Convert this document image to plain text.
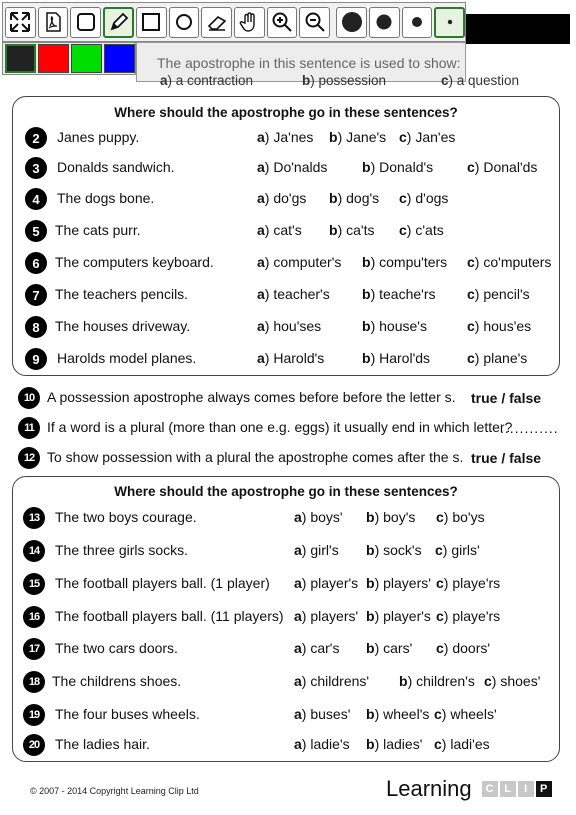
The apostrophe in this sentence is used to show:
a) a contraction	b) possession	c) a question
Where should the apostrophe go in these sentences?
2	Janes puppy.	a) Ja'nes b) Jane's c) Jan'es
3	Donalds sandwich.	a) Do'nalds b) Donald's c) Donal'ds
4	The dogs bone.	a) do'gs b) dog's c) d'ogs
5	The cats purr.	a) cat's b) ca'ts c) c'ats
6	The computers keyboard.	a) computer's b) compu'ters c) co'mputers
7	The teachers pencils.	a) teacher's b) teache'rs c) pencil's
8	The houses driveway.	a) hou'ses	b) house's	c) hous'es
9	Harolds model planes.	a) Harold's	b) Harol'ds	c) plane's
10 A possession apostrophe always comes before before the letter s. true / false
11 If a word is a plural (more than one e.g. eggs) it usually end in which letter?
............
12 To show possession with a plural the apostrophe comes after the s. true / false
Where should the apostrophe go in these sentences?
13	The two boys courage.	a) boys' b) boy's c) bo'ys
14	The three girls socks.	a) girl's b) sock's c) girls'
15	The football players ball. (1 player) a) player's b) players' c) playe'rs
16	The football players ball. (11 players) a) players' b) player's c) playe'rs
17	The two cars doors.	a) car's b) cars' c) doors'
18 The childrens shoes.	a) childrens' b) children's c) shoes'
19	The four buses wheels.	a) buses' b) wheel's c) wheels'
20	The ladies hair.	a) ladie's b) ladies' c) ladi'es
© 2007 - 2014 Copyright Learning Clip Ltd	Learning	C L	I	P
